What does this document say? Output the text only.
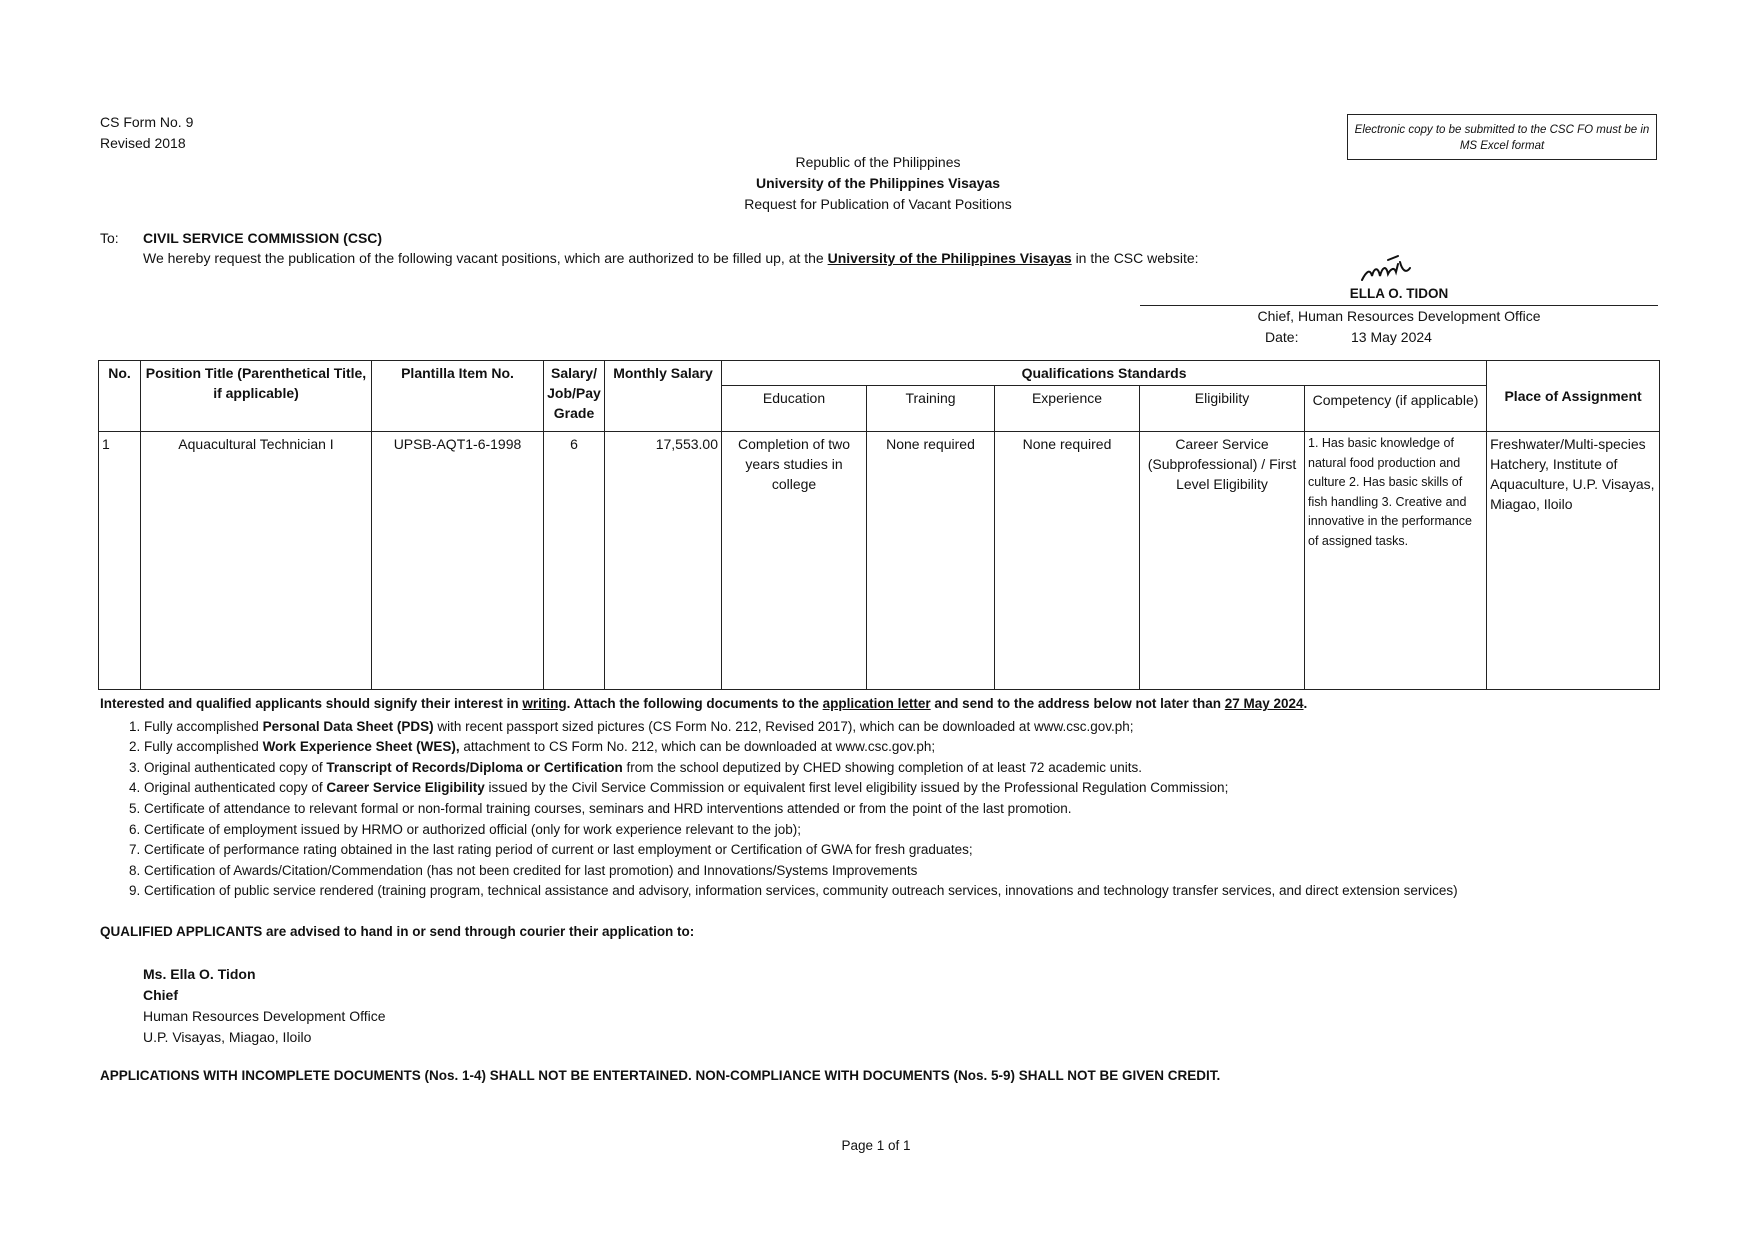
CS Form No. 9
Revised 2018
Electronic copy to be submitted to the CSC FO must be in MS Excel format
Republic of the Philippines
University of the Philippines Visayas
Request for Publication of Vacant Positions
To: CIVIL SERVICE COMMISSION (CSC)
We hereby request the publication of the following vacant positions, which are authorized to be filled up, at the University of the Philippines Visayas in the CSC website:
ELLA O. TIDON
Chief, Human Resources Development Office
Date:	13 May 2024
No.	Position Title (Parenthetical Title, if applicable)	Plantilla Item No.	Salary/ Job/Pay Grade	Monthly Salary	Qualifications Standards					Place of Assignment
					Education	Training	Experience	Eligibility	Competency (if applicable)	
1	Aquacultural Technician I	UPSB-AQT1-6-1998	6	17,553.00	Completion of two years studies in college	None required	None required	Career Service (Subprofessional) / First Level Eligibility	1. Has basic knowledge of natural food production and culture 2. Has basic skills of fish handling 3. Creative and innovative in the performance of assigned tasks.	Freshwater/Multi-species Hatchery, Institute of Aquaculture, U.P. Visayas, Miagao, Iloilo
Interested and qualified applicants should signify their interest in writing. Attach the following documents to the application letter and send to the address below not later than 27 May 2024.
1. Fully accomplished Personal Data Sheet (PDS) with recent passport sized pictures (CS Form No. 212, Revised 2017), which can be downloaded at www.csc.gov.ph;
2. Fully accomplished Work Experience Sheet (WES), attachment to CS Form No. 212, which can be downloaded at www.csc.gov.ph;
3. Original authenticated copy of Transcript of Records/Diploma or Certification from the school deputized by CHED showing completion of at least 72 academic units.
4. Original authenticated copy of Career Service Eligibility issued by the Civil Service Commission or equivalent first level eligibility issued by the Professional Regulation Commission;
5. Certificate of attendance to relevant formal or non-formal training courses, seminars and HRD interventions attended or from the point of the last promotion.
6. Certificate of employment issued by HRMO or authorized official (only for work experience relevant to the job);
7. Certificate of performance rating obtained in the last rating period of current or last employment or Certification of GWA for fresh graduates;
8. Certification of Awards/Citation/Commendation (has not been credited for last promotion) and Innovations/Systems Improvements
9. Certification of public service rendered (training program, technical assistance and advisory, information services, community outreach services, innovations and technology transfer services, and direct extension services)
QUALIFIED APPLICANTS are advised to hand in or send through courier their application to:
Ms. Ella O. Tidon
Chief
Human Resources Development Office
U.P. Visayas, Miagao, Iloilo
APPLICATIONS WITH INCOMPLETE DOCUMENTS (Nos. 1-4) SHALL NOT BE ENTERTAINED. NON-COMPLIANCE WITH DOCUMENTS (Nos. 5-9) SHALL NOT BE GIVEN CREDIT.
Page 1 of 1
